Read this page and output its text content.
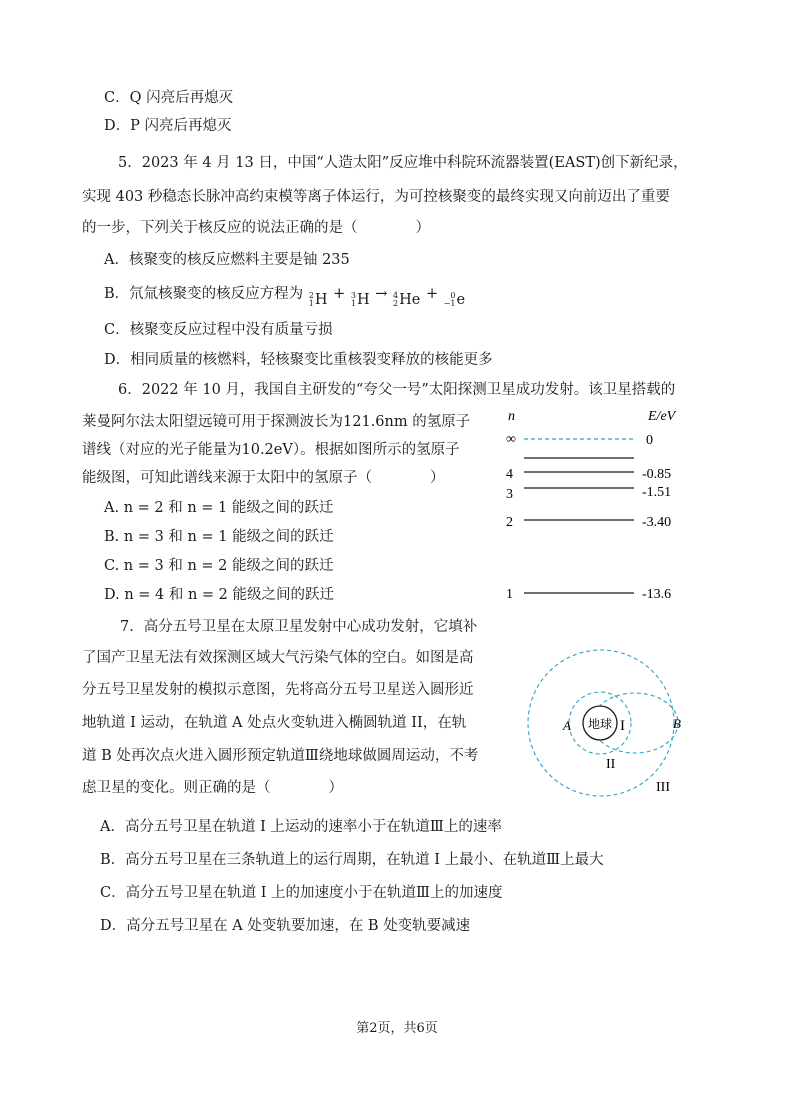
C．Q 闪亮后再熄灭
D．P 闪亮后再熄灭
5．2023 年 4 月 13 日，中国“人造太阳”反应堆中科院环流器装置(EAST)创下新纪录，
实现 403 秒稳态长脉冲高约束模等离子体运行，为可控核聚变的最终实现又向前迈出了重要
的一步，下列关于核反应的说法正确的是（	）
A．核聚变的核反应燃料主要是铀 235
B．氘氚核聚变的核反应方程为 2
1 H + 3
1 H → 4
2 He +	0
−1 e
C．核聚变反应过程中没有质量亏损
D．相同质量的核燃料，轻核聚变比重核裂变释放的核能更多
6．2022 年 10 月，我国自主研发的“夸父一号”太阳探测卫星成功发射。该卫星搭载的
莱曼阿尔法太阳望远镜可用于探测波长为121.6nm 的氢原子
谱线（对应的光子能量为10.2eV）。根据如图所示的氢原子
能级图，可知此谱线来源于太阳中的氢原子（	）
A. n = 2 和 n = 1 能级之间的跃迁
B. n = 3 和 n = 1 能级之间的跃迁
C. n = 3 和 n = 2 能级之间的跃迁
D. n = 4 和 n = 2 能级之间的跃迁
n	E/eV
∞	0
4	-0.85
3	-1.51
2	-3.40
1	-13.6
7．高分五号卫星在太原卫星发射中心成功发射，它填补
了国产卫星无法有效探测区域大气污染气体的空白。如图是高
分五号卫星发射的模拟示意图，先将高分五号卫星送入圆形近
地轨道 I 运动，在轨道 A 处点火变轨进入椭圆轨道 II，在轨
道 B 处再次点火进入圆形预定轨道Ⅲ绕地球做圆周运动，不考
虑卫星的变化。则正确的是（	）
A．高分五号卫星在轨道 I 上运动的速率小于在轨道Ⅲ上的速率
B．高分五号卫星在三条轨道上的运行周期，在轨道 I 上最小、在轨道Ⅲ上最大
C．高分五号卫星在轨道 I 上的加速度小于在轨道Ⅲ上的加速度
D．高分五号卫星在 A 处变轨要加速，在 B 处变轨要减速
地球
A	B
I
II
III
第2页，共6页
